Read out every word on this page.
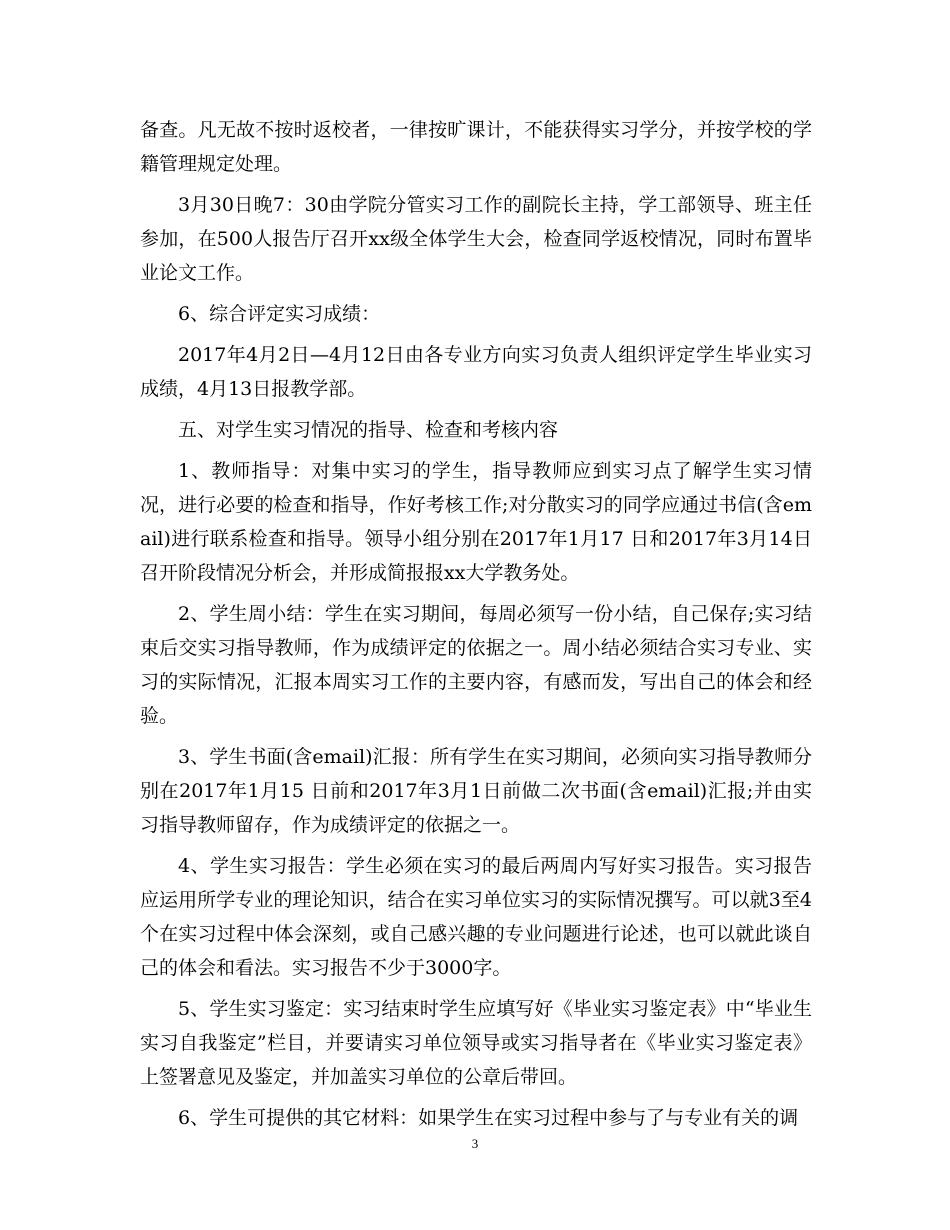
备查。凡无故不按时返校者，一律按旷课计，不能获得实习学分，并按学校的学籍管理规定处理。

3月30日晚7：30由学院分管实习工作的副院长主持，学工部领导、班主任参加，在500人报告厅召开xx级全体学生大会，检查同学返校情况，同时布置毕业论文工作。

6、综合评定实习成绩：

2017年4月2日—4月12日由各专业方向实习负责人组织评定学生毕业实习成绩，4月13日报教学部。

五、对学生实习情况的指导、检查和考核内容

1、教师指导：对集中实习的学生，指导教师应到实习点了解学生实习情况，进行必要的检查和指导，作好考核工作;对分散实习的同学应通过书信(含email)进行联系检查和指导。领导小组分别在2017年1月17 日和2017年3月14日召开阶段情况分析会，并形成简报报xx大学教务处。

2、学生周小结：学生在实习期间，每周必须写一份小结，自己保存;实习结束后交实习指导教师，作为成绩评定的依据之一。周小结必须结合实习专业、实习的实际情况，汇报本周实习工作的主要内容，有感而发，写出自己的体会和经验。

3、学生书面(含email)汇报：所有学生在实习期间，必须向实习指导教师分别在2017年1月15 日前和2017年3月1日前做二次书面(含email)汇报;并由实习指导教师留存，作为成绩评定的依据之一。

4、学生实习报告：学生必须在实习的最后两周内写好实习报告。实习报告应运用所学专业的理论知识，结合在实习单位实习的实际情况撰写。可以就3至4个在实习过程中体会深刻，或自己感兴趣的专业问题进行论述，也可以就此谈自己的体会和看法。实习报告不少于3000字。

5、学生实习鉴定：实习结束时学生应填写好《毕业实习鉴定表》中“毕业生实习自我鉴定”栏目，并要请实习单位领导或实习指导者在《毕业实习鉴定表》上签署意见及鉴定，并加盖实习单位的公章后带回。

6、学生可提供的其它材料：如果学生在实习过程中参与了与专业有关的调

3
